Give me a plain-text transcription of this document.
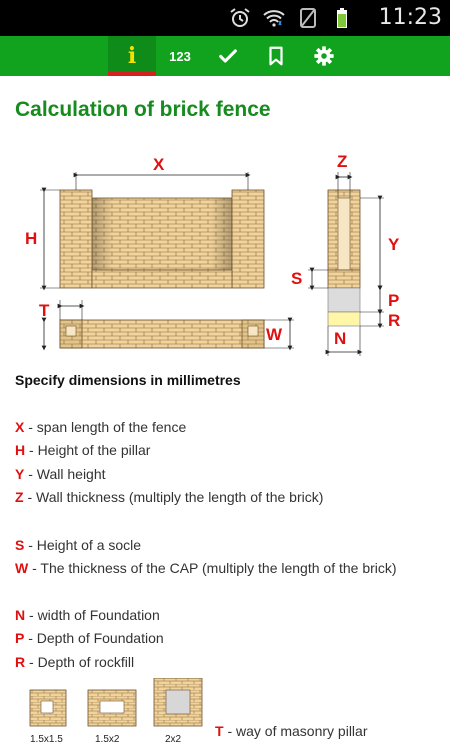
11:23
i	123
Calculation of brick fence
X
H
Z
Y
S
P
R
T
W	N
Specify dimensions in millimetres
X - span length of the fence
H - Height of the pillar
Y - Wall height
Z - Wall thickness (multiply the length of the brick)
S - Height of a socle
W - The thickness of the CAP (multiply the length of the brick)
N - width of Foundation
P - Depth of Foundation
R - Depth of rockfill
1.5x1.5	1.5x2	2x2
T - way of masonry pillar
